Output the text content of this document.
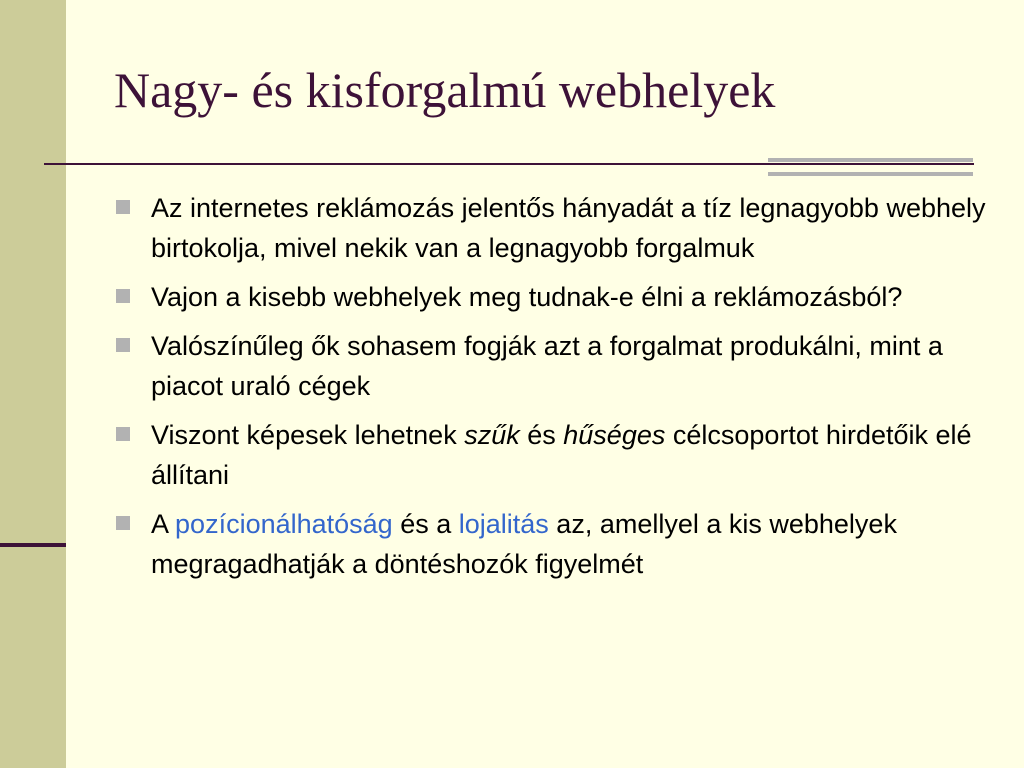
Nagy- és kisforgalmú webhelyek
Az internetes reklámozás jelentős hányadát a tíz legnagyobb webhely birtokolja, mivel nekik van a legnagyobb forgalmuk
Vajon a kisebb webhelyek meg tudnak-e élni a reklámozásból?
Valószínűleg ők sohasem fogják azt a forgalmat produkálni, mint a piacot uraló cégek
Viszont képesek lehetnek szűk és hűséges célcsoportot hirdetőik elé állítani
A pozícionálhatóság és a lojalitás az, amellyel a kis webhelyek megragadhatják a döntéshozók figyelmét
